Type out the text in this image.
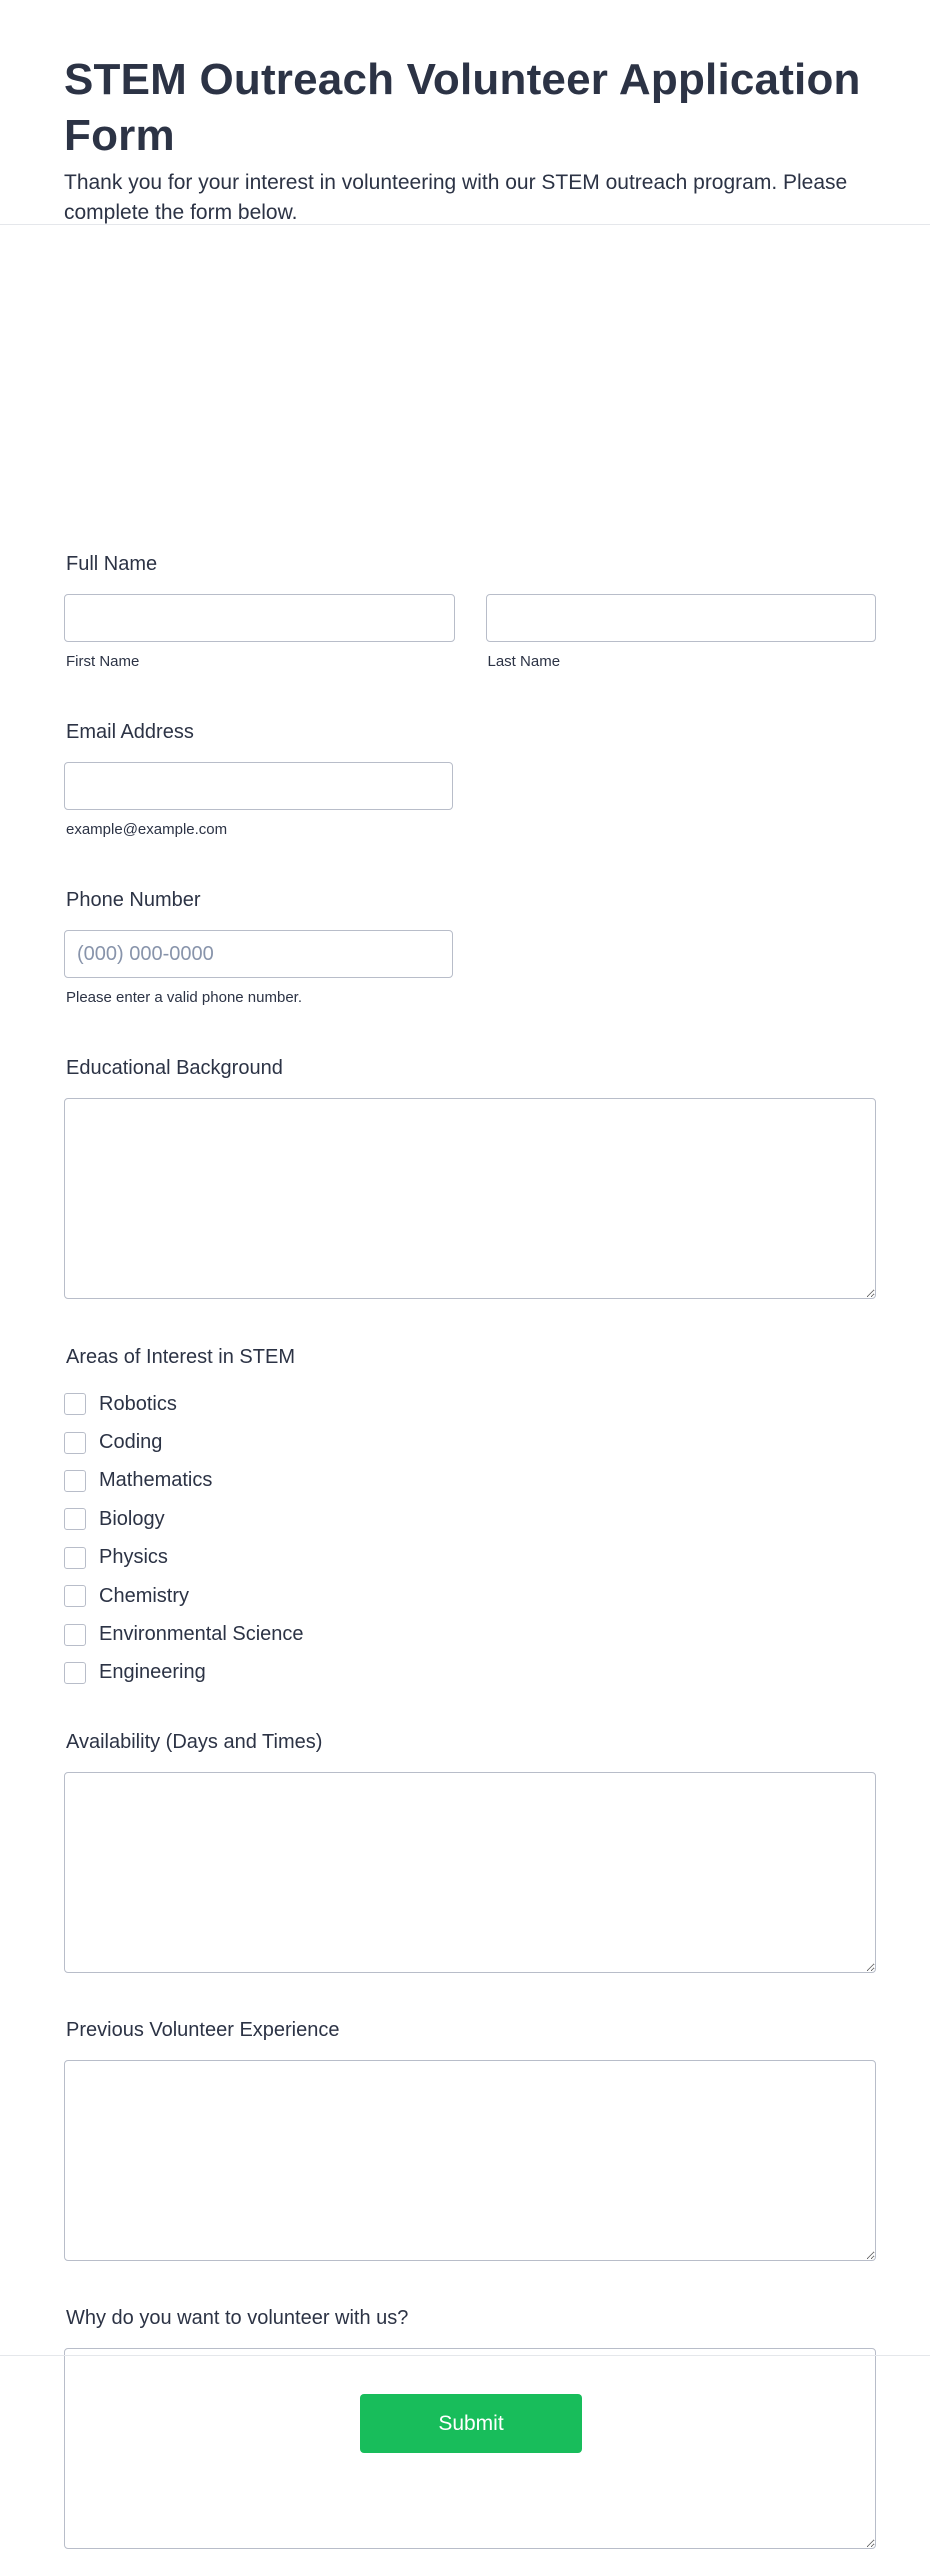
STEM Outreach Volunteer Application Form

Thank you for your interest in volunteering with our STEM outreach program. Please complete the form below.

Full Name
First Name	Last Name
Email Address
example@example.com
Phone Number
(000) 000-0000
Please enter a valid phone number.
Educational Background
Areas of Interest in STEM
Robotics
Coding
Mathematics
Biology
Physics
Chemistry
Environmental Science
Engineering
Availability (Days and Times)
Previous Volunteer Experience
Why do you want to volunteer with us?
Submit
